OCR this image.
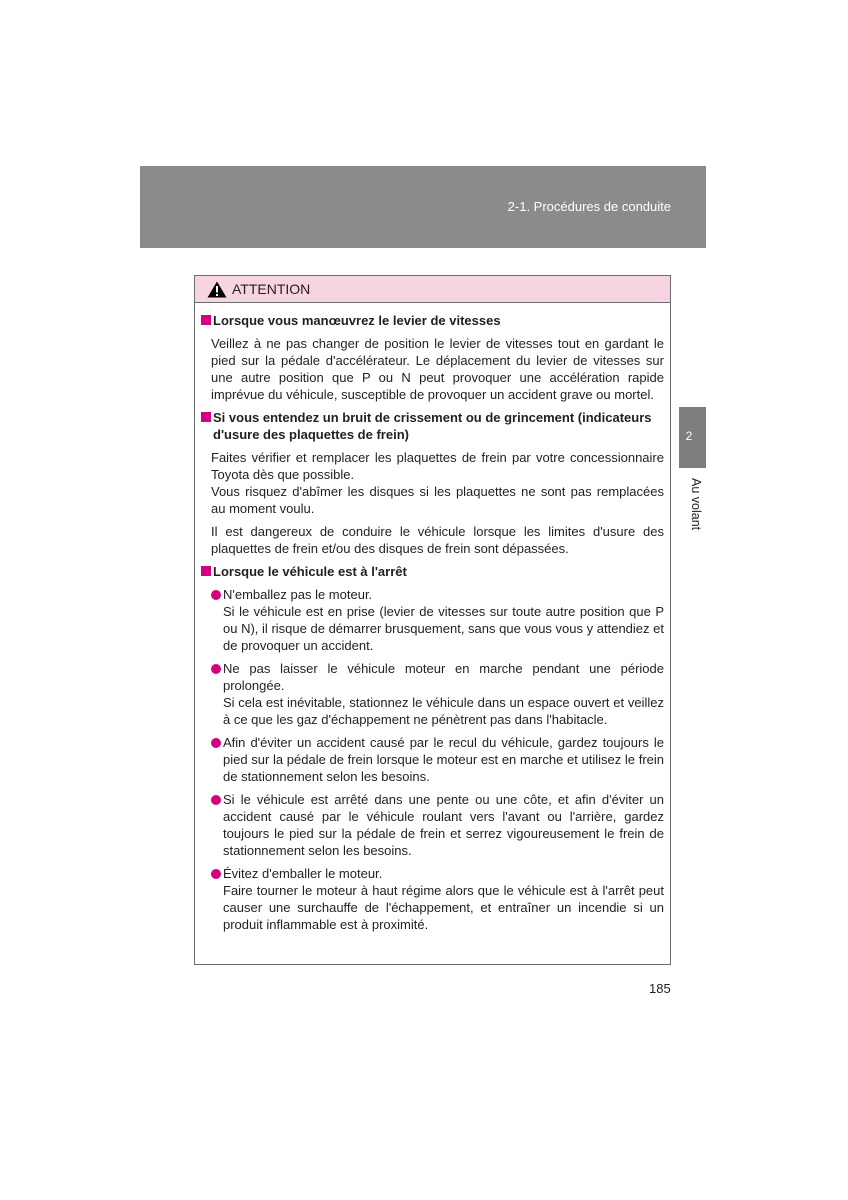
2-1. Procédures de conduite
2
Au volant
ATTENTION
Lorsque vous manœuvrez le levier de vitesses
Veillez à ne pas changer de position le levier de vitesses tout en gardant le pied sur la pédale d'accélérateur. Le déplacement du levier de vitesses sur une autre position que P ou N peut provoquer une accélération rapide imprévue du véhicule, susceptible de provoquer un accident grave ou mortel.
Si vous entendez un bruit de crissement ou de grincement (indicateurs d'usure des plaquettes de frein)
Faites vérifier et remplacer les plaquettes de frein par votre concessionnaire Toyota dès que possible.
Vous risquez d'abîmer les disques si les plaquettes ne sont pas remplacées au moment voulu.
Il est dangereux de conduire le véhicule lorsque les limites d'usure des plaquettes de frein et/ou des disques de frein sont dépassées.
Lorsque le véhicule est à l'arrêt
N'emballez pas le moteur.
Si le véhicule est en prise (levier de vitesses sur toute autre position que P ou N), il risque de démarrer brusquement, sans que vous vous y attendiez et de provoquer un accident.
Ne pas laisser le véhicule moteur en marche pendant une période prolongée.
Si cela est inévitable, stationnez le véhicule dans un espace ouvert et veillez à ce que les gaz d'échappement ne pénètrent pas dans l'habitacle.
Afin d'éviter un accident causé par le recul du véhicule, gardez toujours le pied sur la pédale de frein lorsque le moteur est en marche et utilisez le frein de stationnement selon les besoins.
Si le véhicule est arrêté dans une pente ou une côte, et afin d'éviter un accident causé par le véhicule roulant vers l'avant ou l'arrière, gardez toujours le pied sur la pédale de frein et serrez vigoureusement le frein de stationnement selon les besoins.
Évitez d'emballer le moteur.
Faire tourner le moteur à haut régime alors que le véhicule est à l'arrêt peut causer une surchauffe de l'échappement, et entraîner un incendie si un produit inflammable est à proximité.
185
